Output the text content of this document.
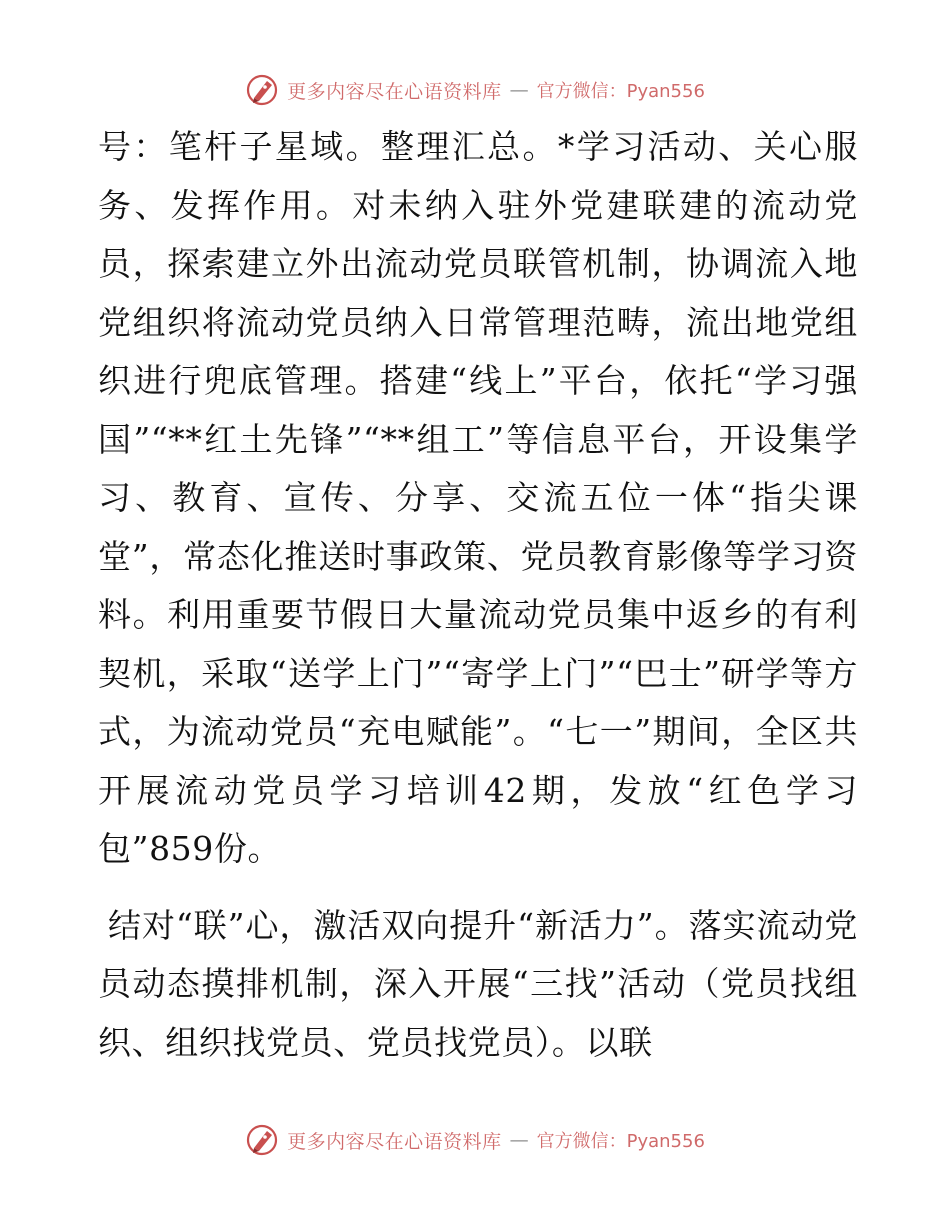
更多内容尽在心语资料库 — 官方微信：Pyan556

号：笔杆子星域。整理汇总。*学习活动、关心服务、发挥作用。对未纳入驻外党建联建的流动党员，探索建立外出流动党员联管机制，协调流入地党组织将流动党员纳入日常管理范畴，流出地党组织进行兜底管理。搭建“线上”平台，依托“学习强国”“**红土先锋”“**组工”等信息平台，开设集学习、教育、宣传、分享、交流五位一体“指尖课堂”，常态化推送时事政策、党员教育影像等学习资料。利用重要节假日大量流动党员集中返乡的有利契机，采取“送学上门”“寄学上门”“巴士”研学等方式，为流动党员“充电赋能”。“七一”期间，全区共开展流动党员学习培训42期，发放“红色学习包”859份。

结对“联”心，激活双向提升“新活力”。落实流动党员动态摸排机制，深入开展“三找”活动（党员找组织、组织找党员、党员找党员）。以联

更多内容尽在心语资料库 — 官方微信：Pyan556
